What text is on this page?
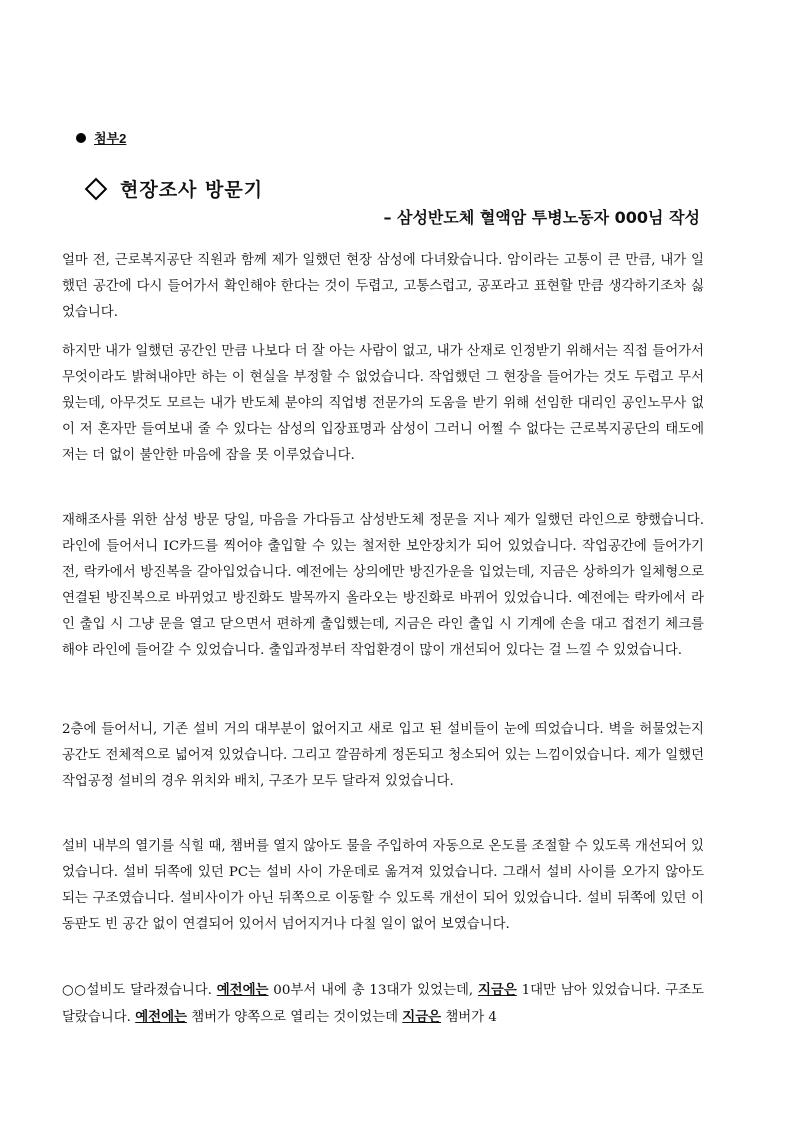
첨부2
현장조사 방문기
– 삼성반도체 혈액암 투병노동자 000님 작성

얼마 전, 근로복지공단 직원과 함께 제가 일했던 현장 삼성에 다녀왔습니다. 암이라는 고통이 큰 만큼, 내가 일했던 공간에 다시 들어가서 확인해야 한다는 것이 두렵고, 고통스럽고, 공포라고 표현할 만큼 생각하기조차 싫었습니다.

하지만 내가 일했던 공간인 만큼 나보다 더 잘 아는 사람이 없고, 내가 산재로 인정받기 위해서는 직접 들어가서 무엇이라도 밝혀내야만 하는 이 현실을 부정할 수 없었습니다. 작업했던 그 현장을 들어가는 것도 두렵고 무서웠는데, 아무것도 모르는 내가 반도체 분야의 직업병 전문가의 도움을 받기 위해 선임한 대리인 공인노무사 없이 저 혼자만 들여보내 줄 수 있다는 삼성의 입장표명과 삼성이 그러니 어쩔 수 없다는 근로복지공단의 태도에 저는 더 없이 불안한 마음에 잠을 못 이루었습니다.

재해조사를 위한 삼성 방문 당일, 마음을 가다듬고 삼성반도체 정문을 지나 제가 일했던 라인으로 향했습니다. 라인에 들어서니 IC카드를 찍어야 출입할 수 있는 철저한 보안장치가 되어 있었습니다. 작업공간에 들어가기 전, 락카에서 방진복을 갈아입었습니다. 예전에는 상의에만 방진가운을 입었는데, 지금은 상하의가 일체형으로 연결된 방진복으로 바뀌었고 방진화도 발목까지 올라오는 방진화로 바뀌어 있었습니다. 예전에는 락카에서 라인 출입 시 그냥 문을 열고 닫으면서 편하게 출입했는데, 지금은 라인 출입 시 기계에 손을 대고 접전기 체크를 해야 라인에 들어갈 수 있었습니다. 출입과정부터 작업환경이 많이 개선되어 있다는 걸 느낄 수 있었습니다.

2층에 들어서니, 기존 설비 거의 대부분이 없어지고 새로 입고 된 설비들이 눈에 띄었습니다. 벽을 허물었는지 공간도 전체적으로 넓어져 있었습니다. 그리고 깔끔하게 정돈되고 청소되어 있는 느낌이었습니다. 제가 일했던 작업공정 설비의 경우 위치와 배치, 구조가 모두 달라져 있었습니다.

설비 내부의 열기를 식힐 때, 챔버를 열지 않아도 물을 주입하여 자동으로 온도를 조절할 수 있도록 개선되어 있었습니다. 설비 뒤쪽에 있던 PC는 설비 사이 가운데로 옮겨져 있었습니다. 그래서 설비 사이를 오가지 않아도 되는 구조였습니다. 설비사이가 아닌 뒤쪽으로 이동할 수 있도록 개선이 되어 있었습니다. 설비 뒤쪽에 있던 이동판도 빈 공간 없이 연결되어 있어서 넘어지거나 다칠 일이 없어 보였습니다.

○○설비도 달라졌습니다. 예전에는 00부서 내에 총 13대가 있었는데, 지금은 1대만 남아 있었습니다. 구조도 달랐습니다. 예전에는 챔버가 양쪽으로 열리는 것이었는데 지금은 챔버가 4
